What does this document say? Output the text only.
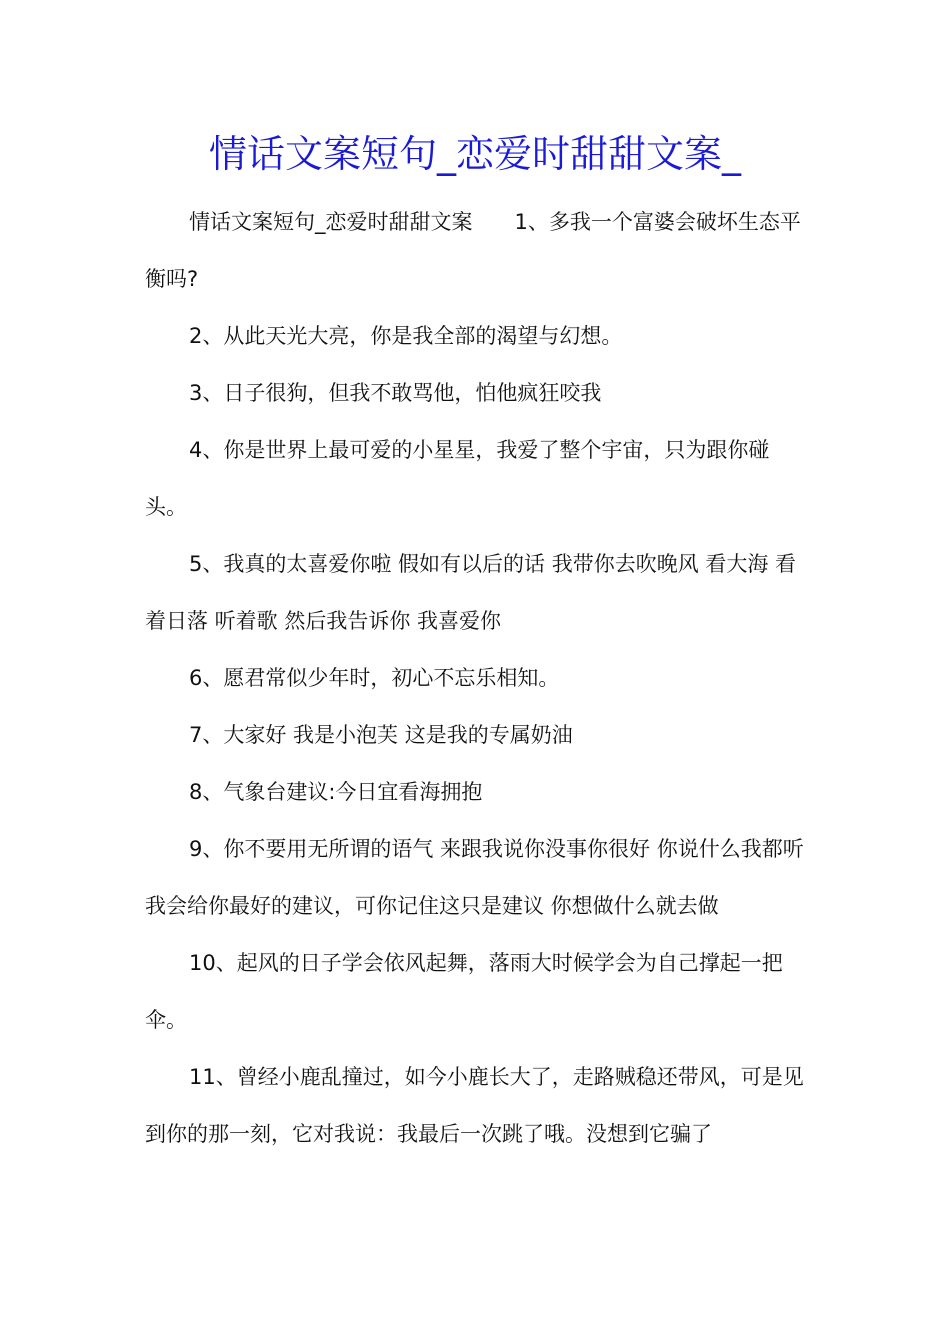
情话文案短句_恋爱时甜甜文案_

情话文案短句_恋爱时甜甜文案　　1、多我一个富婆会破坏生态平衡吗?

2、从此天光大亮，你是我全部的渴望与幻想。

3、日子很狗，但我不敢骂他，怕他疯狂咬我

4、你是世界上最可爱的小星星，我爱了整个宇宙，只为跟你碰头。

5、我真的太喜爱你啦 假如有以后的话 我带你去吹晚风 看大海 看着日落 听着歌 然后我告诉你 我喜爱你

6、愿君常似少年时，初心不忘乐相知。

7、大家好 我是小泡芙 这是我的专属奶油

8、气象台建议:今日宜看海拥抱

9、你不要用无所谓的语气 来跟我说你没事你很好 你说什么我都听 我会给你最好的建议，可你记住这只是建议 你想做什么就去做

10、起风的日子学会依风起舞，落雨大时候学会为自己撑起一把伞。

11、曾经小鹿乱撞过，如今小鹿长大了，走路贼稳还带风，可是见到你的那一刻，它对我说：我最后一次跳了哦。没想到它骗了
